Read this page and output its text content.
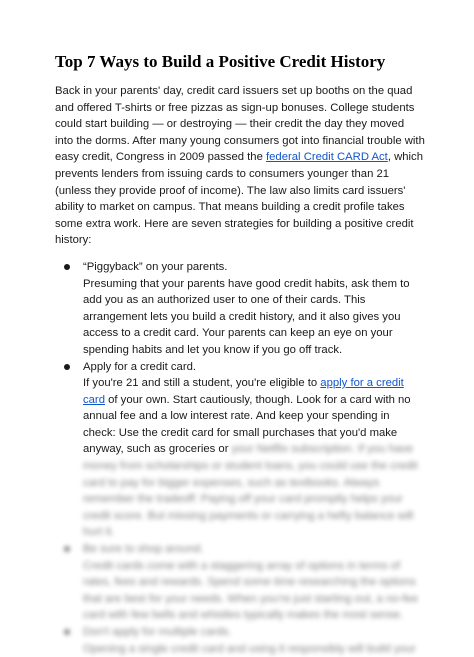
Top 7 Ways to Build a Positive Credit History

Back in your parents' day, credit card issuers set up booths on the quad and offered T-shirts or free pizzas as sign-up bonuses. College students could start building — or destroying — their credit the day they moved into the dorms. After many young consumers got into financial trouble with easy credit, Congress in 2009 passed the federal Credit CARD Act, which prevents lenders from issuing cards to consumers younger than 21 (unless they provide proof of income). The law also limits card issuers' ability to market on campus. That means building a credit profile takes some extra work. Here are seven strategies for building a positive credit history:

“Piggyback” on your parents.
Presuming that your parents have good credit habits, ask them to add you as an authorized user to one of their cards. This arrangement lets you build a credit history, and it also gives you access to a credit card. Your parents can keep an eye on your spending habits and let you know if you go off track.

Apply for a credit card.
If you're 21 and still a student, you're eligible to apply for a credit card of your own. Start cautiously, though. Look for a card with no annual fee and a low interest rate. And keep your spending in check: Use the credit card for small purchases that you'd make anyway, such as groceries or your Netflix subscription. If you have money from scholarships or student loans, you could use the credit card to pay for bigger expenses, such as textbooks. Always remember the tradeoff: Paying off your card promptly helps your credit score. But missing payments or carrying a hefty balance will hurt it.

Be sure to shop around.
Credit cards come with a staggering array of options in terms of rates, fees and rewards. Spend some time researching the options that are best for your needs. When you're just starting out, a no-fee card with few bells and whistles typically makes the most sense.

Don't apply for multiple cards.
Opening a single credit card and using it responsibly will build your
